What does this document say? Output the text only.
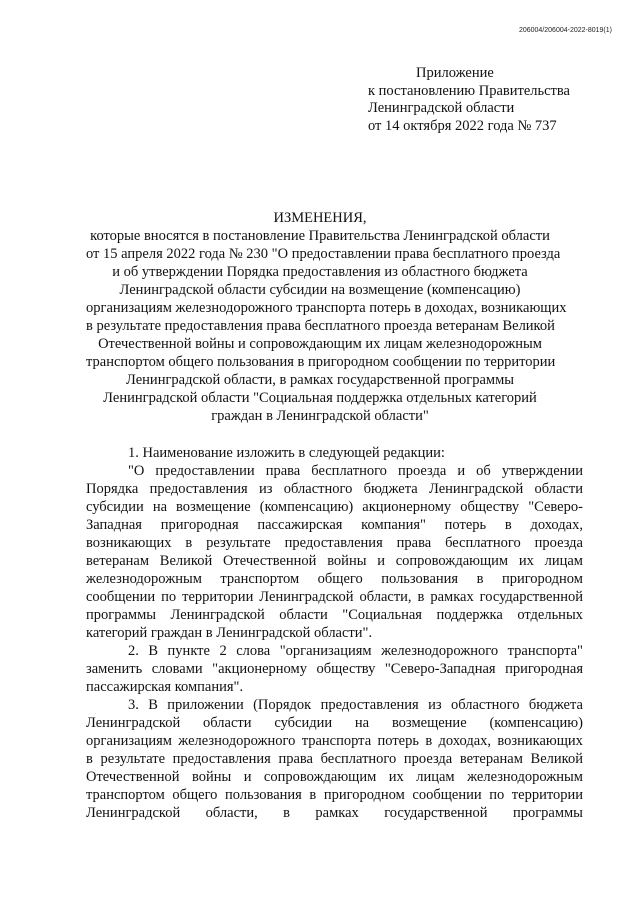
206004/206004-2022-8019(1)
Приложение
к постановлению Правительства
Ленинградской области
от 14 октября 2022 года № 737
ИЗМЕНЕНИЯ,
которые вносятся в постановление Правительства Ленинградской области
от 15 апреля 2022 года № 230 "О предоставлении права бесплатного проезда
и об утверждении Порядка предоставления из областного бюджета
Ленинградской области субсидии на возмещение (компенсацию)
организациям железнодорожного транспорта потерь в доходах, возникающих
в результате предоставления права бесплатного проезда ветеранам Великой
Отечественной войны и сопровождающим их лицам железнодорожным
транспортом общего пользования в пригородном сообщении по территории
Ленинградской области, в рамках государственной программы
Ленинградской области "Социальная поддержка отдельных категорий
граждан в Ленинградской области"
1. Наименование изложить в следующей редакции:
"О предоставлении права бесплатного проезда и об утверждении
Порядка предоставления из областного бюджета Ленинградской области
субсидии на возмещение (компенсацию) акционерному обществу "Северо-
Западная пригородная пассажирская компания" потерь в доходах,
возникающих в результате предоставления права бесплатного проезда
ветеранам Великой Отечественной войны и сопровождающим их лицам
железнодорожным транспортом общего пользования в пригородном
сообщении по территории Ленинградской области, в рамках государственной
программы Ленинградской области "Социальная поддержка отдельных
категорий граждан в Ленинградской области".
2. В пункте 2 слова "организациям железнодорожного транспорта"
заменить словами "акционерному обществу "Северо-Западная пригородная
пассажирская компания".
3. В приложении (Порядок предоставления из областного бюджета
Ленинградской области субсидии на возмещение (компенсацию)
организациям железнодорожного транспорта потерь в доходах, возникающих
в результате предоставления права бесплатного проезда ветеранам Великой
Отечественной войны и сопровождающим их лицам железнодорожным
транспортом общего пользования в пригородном сообщении по территории
Ленинградской области, в рамках государственной программы
